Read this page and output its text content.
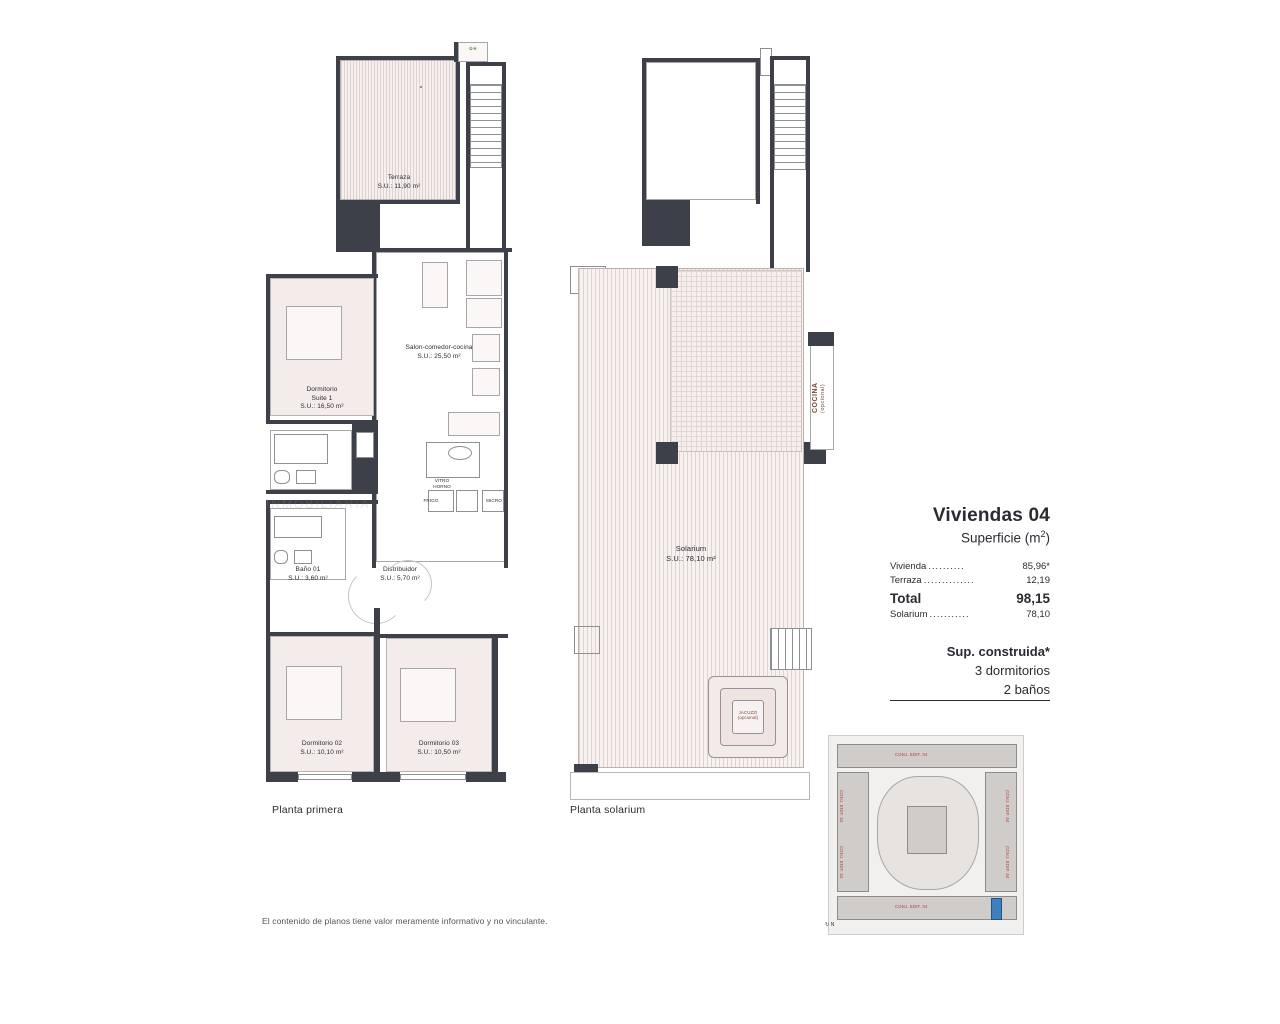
✿❀
Terraza
S.U.: 11,90 m²
VITRO
HORNO
FRIGO	MICRO
Salon-comedor-cocina
S.U.: 25,50 m²
Dormitorio
Suite 1
S.U.: 16,50 m²
Baño 01
S.U.: 3,60 m²
Distribuidor
S.U.: 5,70 m²
Dormitorio 02
S.U.: 10,10 m²
Dormitorio 03
S.U.: 10,50 m²
Planta primera
COCINA (opcional)
Solarium
S.U.: 78,10 m²
JACUZZI
(opcional)
Planta solarium
Viviendas 04
Superficie $(m^2)$
Vivienda ..........	85,96*
Terraza ..............	12,19
Total	98,15
Solarium ...........	78,10
Sup. construida*
3 dormitorios
2 baños
CONJ. EDIF. 04
CONJ. EDIF. 04
CONJ. EDIF. 04
CONJ. EDIF. 04
CONJ. EDIF. 04
CONJ. EDIF. 04
↻ N
INMOBILIARIA
El contenido de planos tiene valor meramente informativo y no vinculante.
